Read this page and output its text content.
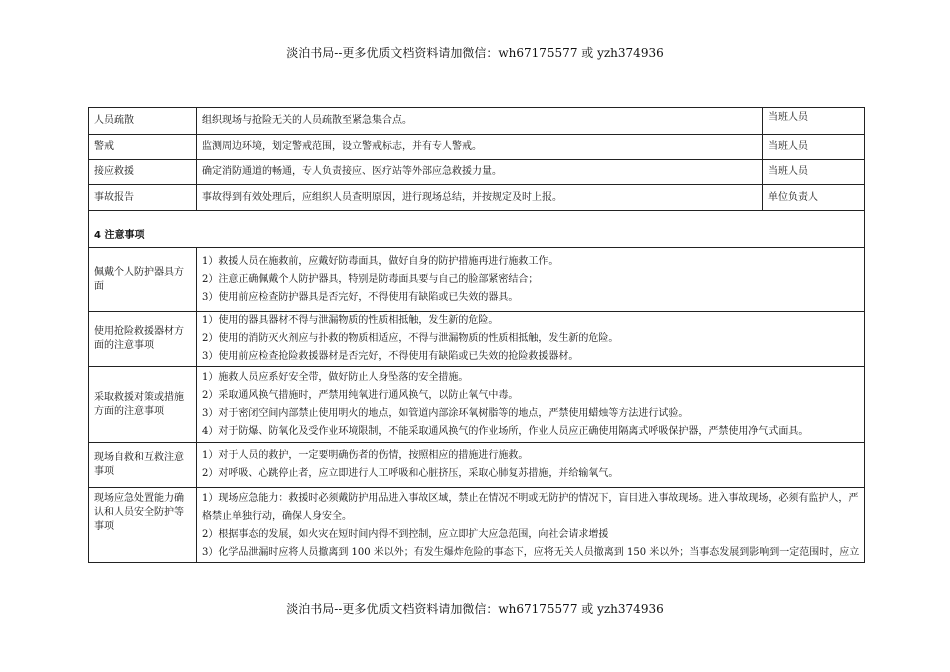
淡泊书局--更多优质文档资料请加微信：wh67175577 或 yzh374936
人员疏散	组织现场与抢险无关的人员疏散至紧急集合点。	当班人员
警戒	监测周边环境，划定警戒范围，设立警戒标志，并有专人警戒。	当班人员
接应救援	确定消防通道的畅通，专人负责接应、医疗站等外部应急救援力量。	当班人员
事故报告	事故得到有效处理后，应组织人员查明原因，进行现场总结，并按规定及时上报。	单位负责人
4 注意事项		
佩戴个人防护器具方面	1）救援人员在施救前，应戴好防毒面具，做好自身的防护措施再进行施救工作。
2）注意正确佩戴个人防护器具，特别是防毒面具要与自己的脸部紧密结合；
3）使用前应检查防护器具是否完好，不得使用有缺陷或已失效的器具。	

使用抢险救援器材方面的注意事项	1）使用的器具器材不得与泄漏物质的性质相抵触，发生新的危险。
2）使用的消防灭火剂应与扑救的物质相适应，不得与泄漏物质的性质相抵触，发生新的危险。
3）使用前应检查抢险救援器材是否完好，不得使用有缺陷或已失效的抢险救援器材。	

采取救援对策或措施方面的注意事项	1）施救人员应系好安全带，做好防止人身坠落的安全措施。
2）采取通风换气措施时，严禁用纯氧进行通风换气，以防止氧气中毒。
3）对于密闭空间内部禁止使用明火的地点，如管道内部涂环氧树脂等的地点，严禁使用蜡烛等方法进行试验。
4）对于防爆、防氧化及受作业环境限制，不能采取通风换气的作业场所，作业人员应正确使用隔离式呼吸保护器，严禁使用净气式面具。	

现场自救和互救注意事项	1）对于人员的救护，一定要明确伤者的伤情，按照相应的措施进行施救。
2）对呼吸、心跳停止者，应立即进行人工呼吸和心脏挤压，采取心肺复苏措施，并给输氧气。	

现场应急处置能力确认和人员安全防护等事项	1）现场应急能力：救援时必须戴防护用品进入事故区域，禁止在情况不明或无防护的情况下，盲目进入事故现场。进入事故现场，必须有监护人，严格禁止单独行动，确保人身安全。
2）根据事态的发展，如火灾在短时间内得不到控制，应立即扩大应急范围，向社会请求增援
3）化学品泄漏时应将人员撤离到 100 米以外；有发生爆炸危险的事态下，应将无关人员撤离到 150 米以外；当事态发展到影响到一定范围时，应立	
淡泊书局--更多优质文档资料请加微信：wh67175577 或 yzh374936
